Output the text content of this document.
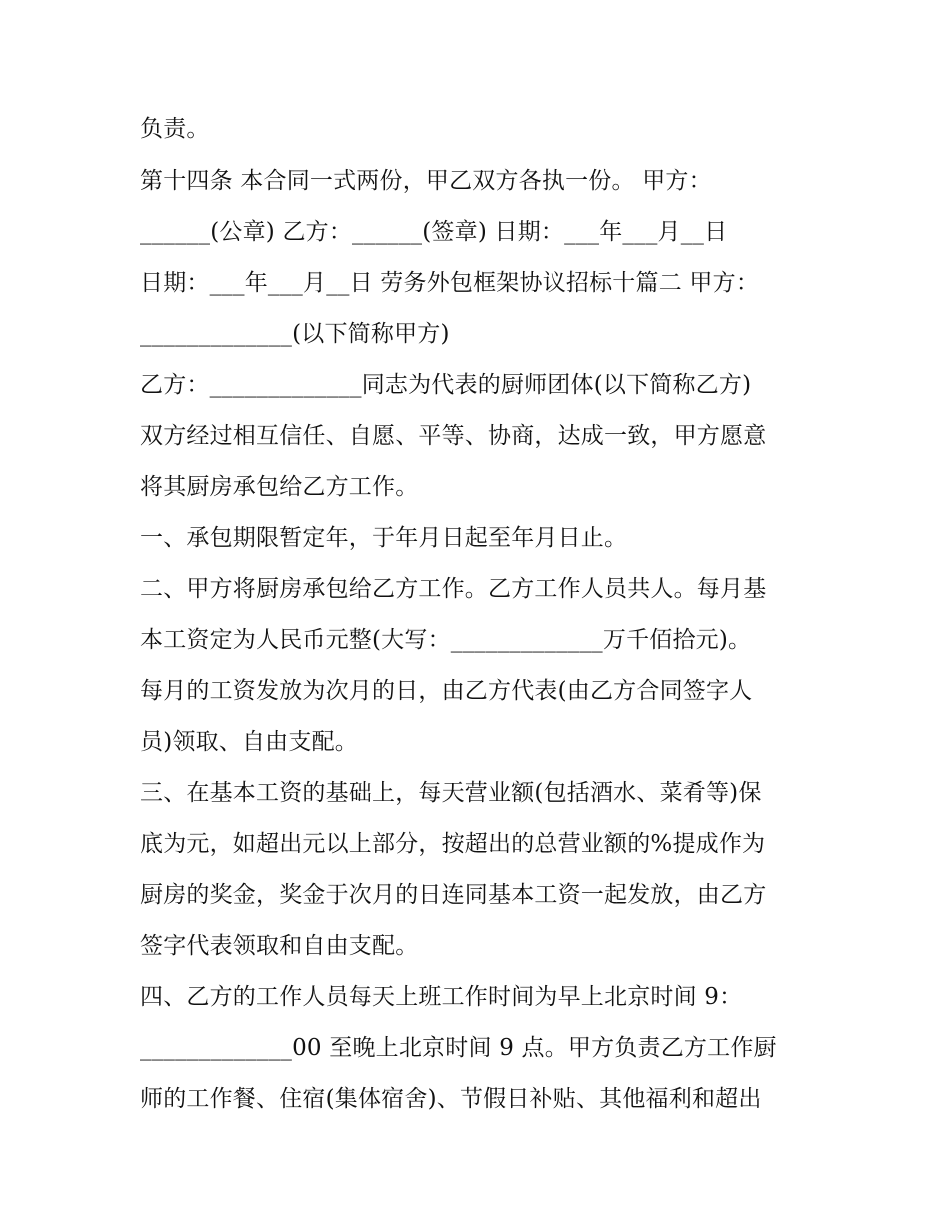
负责。
第十四条 本合同一式两份，甲乙双方各执一份。 甲方：
______(公章) 乙方：______(签章) 日期：___年___月__日
日期：___年___月__日 劳务外包框架协议招标十篇二 甲方：
_____________(以下简称甲方)
乙方：_____________同志为代表的厨师团体(以下简称乙方)
双方经过相互信任、自愿、平等、协商，达成一致，甲方愿意
将其厨房承包给乙方工作。
一、承包期限暂定年，于年月日起至年月日止。
二、甲方将厨房承包给乙方工作。乙方工作人员共人。每月基
本工资定为人民币元整(大写：_____________万千佰拾元)。
每月的工资发放为次月的日，由乙方代表(由乙方合同签字人
员)领取、自由支配。
三、在基本工资的基础上，每天营业额(包括酒水、菜肴等)保
底为元，如超出元以上部分，按超出的总营业额的%提成作为
厨房的奖金，奖金于次月的日连同基本工资一起发放，由乙方
签字代表领取和自由支配。
四、乙方的工作人员每天上班工作时间为早上北京时间 9：
_____________00 至晚上北京时间 9 点。甲方负责乙方工作厨
师的工作餐、住宿(集体宿舍)、节假日补贴、其他福利和超出
